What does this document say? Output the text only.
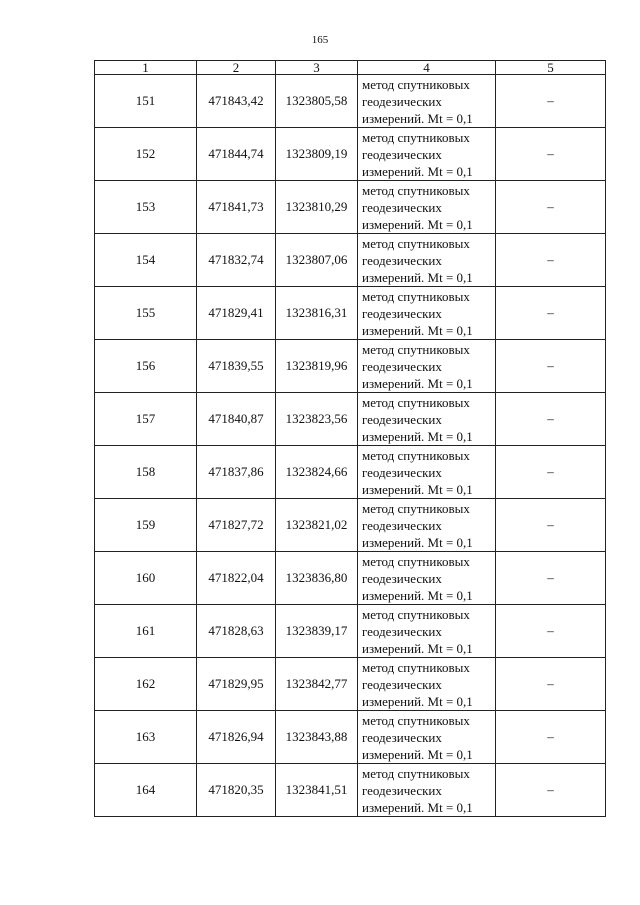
165
1	2	3	4	5
151	471843,42	1323805,58	метод спутниковых
геодезических
измерений. Mt = 0,1	–
152	471844,74	1323809,19	метод спутниковых
геодезических
измерений. Mt = 0,1	–
153	471841,73	1323810,29	метод спутниковых
геодезических
измерений. Mt = 0,1	–
154	471832,74	1323807,06	метод спутниковых
геодезических
измерений. Mt = 0,1	–
155	471829,41	1323816,31	метод спутниковых
геодезических
измерений. Mt = 0,1	–
156	471839,55	1323819,96	метод спутниковых
геодезических
измерений. Mt = 0,1	–
157	471840,87	1323823,56	метод спутниковых
геодезических
измерений. Mt = 0,1	–
158	471837,86	1323824,66	метод спутниковых
геодезических
измерений. Mt = 0,1	–
159	471827,72	1323821,02	метод спутниковых
геодезических
измерений. Mt = 0,1	–
160	471822,04	1323836,80	метод спутниковых
геодезических
измерений. Mt = 0,1	–
161	471828,63	1323839,17	метод спутниковых
геодезических
измерений. Mt = 0,1	–
162	471829,95	1323842,77	метод спутниковых
геодезических
измерений. Mt = 0,1	–
163	471826,94	1323843,88	метод спутниковых
геодезических
измерений. Mt = 0,1	–
164	471820,35	1323841,51	метод спутниковых
геодезических
измерений. Mt = 0,1	–
